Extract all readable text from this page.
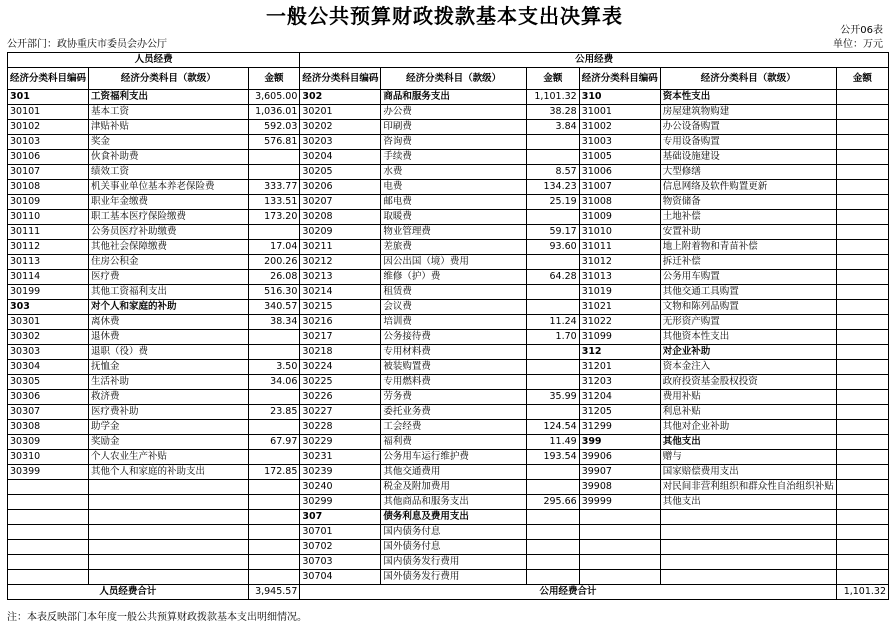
一般公共预算财政拨款基本支出决算表
公开06表
公开部门：政协重庆市委员会办公厅	单位：万元
人员经费			公用经费					
经济分类科目编码	经济分类科目（款级）	金额	经济分类科目编码	经济分类科目（款级）	金额	经济分类科目编码	经济分类科目（款级）	金额
301	工资福利支出	3,605.00	302	商品和服务支出	1,101.32	310	资本性支出	
30101	基本工资	1,036.01	30201	办公费	38.28	31001	房屋建筑物购建	
30102	津贴补贴	592.03	30202	印刷费	3.84	31002	办公设备购置	
30103	奖金	576.81	30203	咨询费		31003	专用设备购置	
30106	伙食补助费		30204	手续费		31005	基础设施建设	
30107	绩效工资		30205	水费	8.57	31006	大型修缮	
30108	机关事业单位基本养老保险费	333.77	30206	电费	134.23	31007	信息网络及软件购置更新	
30109	职业年金缴费	133.51	30207	邮电费	25.19	31008	物资储备	
30110	职工基本医疗保险缴费	173.20	30208	取暖费		31009	土地补偿	
30111	公务员医疗补助缴费		30209	物业管理费	59.17	31010	安置补助	
30112	其他社会保障缴费	17.04	30211	差旅费	93.60	31011	地上附着物和青苗补偿	
30113	住房公积金	200.26	30212	因公出国（境）费用		31012	拆迁补偿	
30114	医疗费	26.08	30213	维修（护）费	64.28	31013	公务用车购置	
30199	其他工资福利支出	516.30	30214	租赁费		31019	其他交通工具购置	
303	对个人和家庭的补助	340.57	30215	会议费		31021	文物和陈列品购置	
30301	离休费	38.34	30216	培训费	11.24	31022	无形资产购置	
30302	退休费		30217	公务接待费	1.70	31099	其他资本性支出	
30303	退职（役）费		30218	专用材料费		312	对企业补助	
30304	抚恤金	3.50	30224	被装购置费		31201	资本金注入	
30305	生活补助	34.06	30225	专用燃料费		31203	政府投资基金股权投资	
30306	救济费		30226	劳务费	35.99	31204	费用补贴	
30307	医疗费补助	23.85	30227	委托业务费		31205	利息补贴	
30308	助学金		30228	工会经费	124.54	31299	其他对企业补助	
30309	奖励金	67.97	30229	福利费	11.49	399	其他支出	
30310	个人农业生产补贴		30231	公务用车运行维护费	193.54	39906	赠与	
30399	其他个人和家庭的补助支出	172.85	30239	其他交通费用		39907	国家赔偿费用支出	
			30240	税金及附加费用		39908	对民间非营利组织和群众性自治组织补贴	
			30299	其他商品和服务支出	295.66	39999	其他支出	
			307	债务利息及费用支出				
			30701	国内债务付息				
			30702	国外债务付息				
			30703	国内债务发行费用				
			30704	国外债务发行费用				
人员经费合计		3,945.57	公用经费合计					1,101.32
注：本表反映部门本年度一般公共预算财政拨款基本支出明细情况。
